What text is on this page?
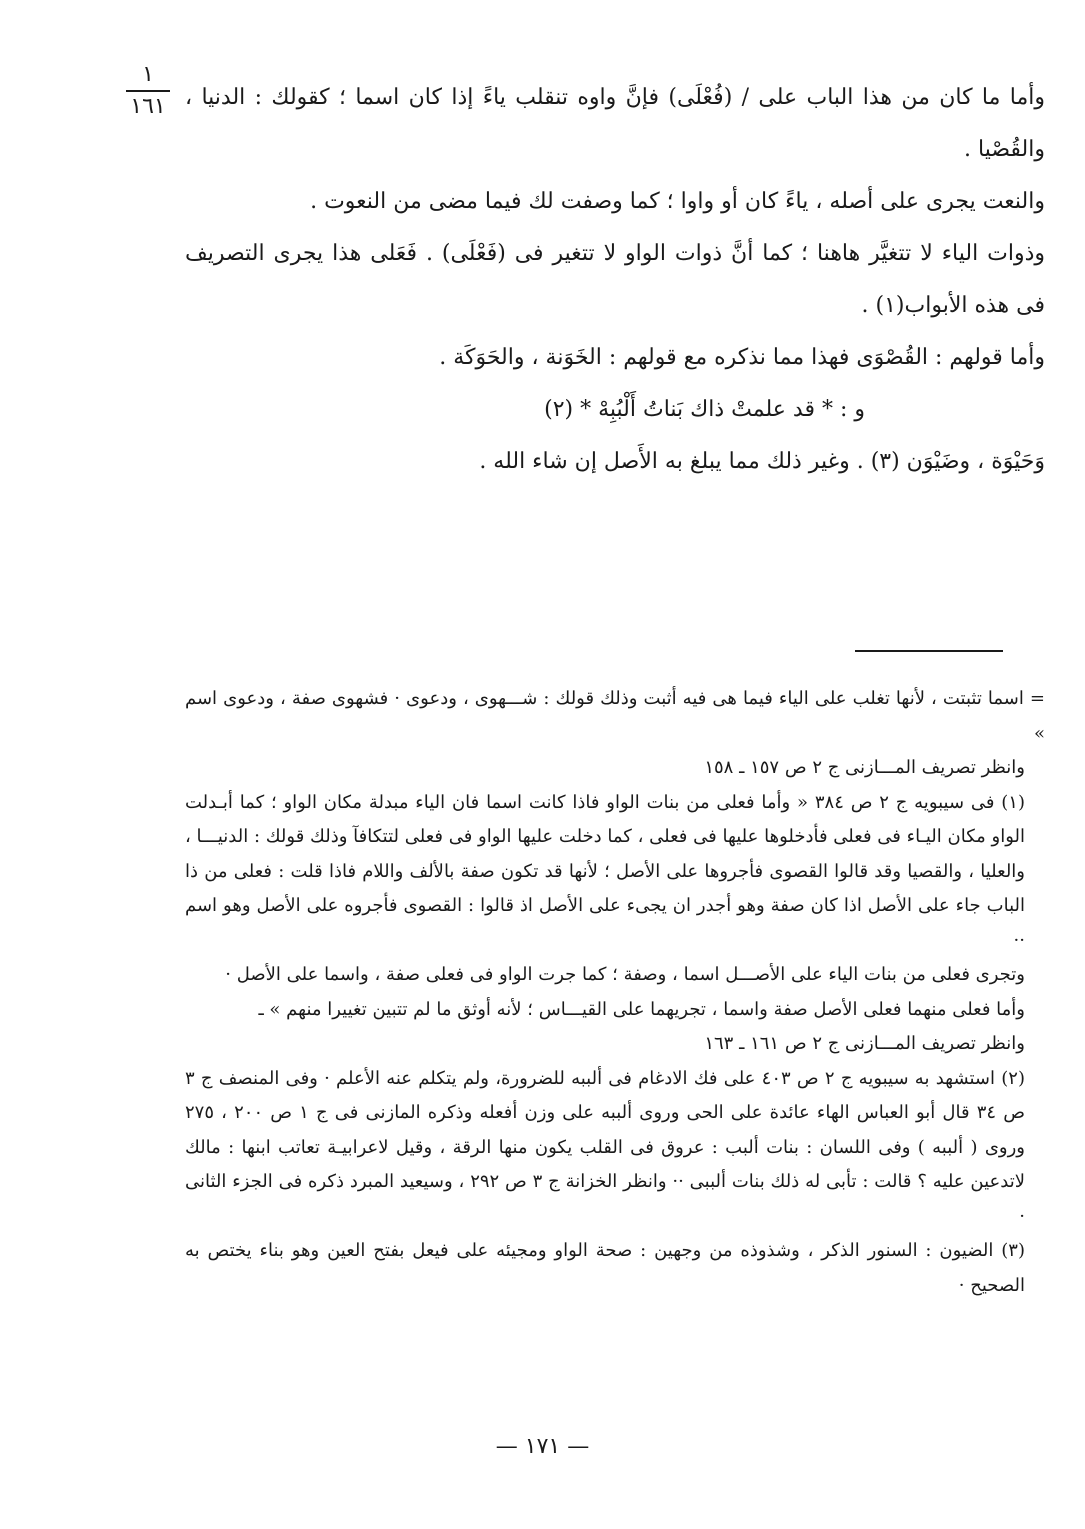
١
١٦١ وأما ما كان من هذا الباب على / (فُعْلَى) فإنَّ واوه تنقلب ياءً إذا كان اسما ؛ كقولك : الدنيا ، والقُصْيا .

والنعت يجرى على أصله ، ياءً كان أو واوا ؛ كما وصفت لك فيما مضى من النعوت .

وذوات الياء لا تتغيَّر هاهنا ؛ كما أنَّ ذوات الواو لا تتغير فى (فَعْلَى) . فَعَلى هذا يجرى التصريف فى هذه الأبواب(١) .

وأما قولهم : القُصْوَى فهذا مما نذكره مع قولهم : الخَوَنة ، والحَوَكَة .

و : * قد علمتْ ذاك بَناتُ أَلْبُبِهْ * (٢)

وَحَيْوَة ، وضَيْوَن (٣) . وغير ذلك مما يبلغ به الأَصل إن شاء الله .

= اسما تثبتت ، لأنها تغلب على الياء فيما هى فيه أثبت وذلك قولك : شـــهوى ، ودعوى · فشهوى صفة ، ودعوى اسم »

وانظر تصريف المـــازنى ج ٢ ص ١٥٧ ـ ١٥٨

(١) فى سيبويه ج ٢ ص ٣٨٤ « وأما فعلى من بنات الواو فاذا كانت اسما فان الياء مبدلة مكان الواو ؛ كما أبـدلت الواو مكان اليـاء فى فعلى فأدخلوها عليها فى فعلى ، كما دخلت عليها الواو فى فعلى لتتكافآ وذلك قولك : الدنيـــا ، والعليا ، والقصيا وقد قالوا القصوى فأجروها على الأصل ؛ لأنها قد تكون صفة بالألف واللام فاذا قلت : فعلى من ذا الباب جاء على الأصل اذا كان صفة وهو أجدر ان يجىء على الأصل اذ قالوا : القصوى فأجروه على الأصل وهو اسم ··

وتجرى فعلى من بنات الياء على الأصـــل اسما ، وصفة ؛ كما جرت الواو فى فعلى صفة ، واسما على الأصل ·

وأما فعلى منهما فعلى الأصل صفة واسما ، تجريهما على القيـــاس ؛ لأنه أوثق ما لم تتبين تغييرا منهم » ـ

وانظر تصريف المـــازنى ج ٢ ص ١٦١ ـ ١٦٣

(٢) استشهد به سيبويه ج ٢ ص ٤٠٣ على فك الادغام فى ألببه للضرورة، ولم يتكلم عنه الأعلم · وفى المنصف ج ٣ ص ٣٤ قال أبو العباس الهاء عائدة على الحى وروى ألببه على وزن أفعله وذكره المازنى فى ج ١ ص ٢٠٠ ، ٢٧٥ وروى ( ألببه ) وفى اللسان : بنات ألبب : عروق فى القلب يكون منها الرقة ، وقيل لاعرابيـة تعاتب ابنها : مالك لاتدعين عليه ؟ قالت : تأبى له ذلك بنات ألببى ·· وانظر الخزانة ج ٣ ص ٢٩٢ ، وسيعيد المبرد ذكره فى الجزء الثانى ·

(٣) الضيون : السنور الذكر ، وشذوذه من وجهين : صحة الواو ومجيئه على فيعل بفتح العين وهو بناء يختص به الصحيح ·

— ١٧١ —
